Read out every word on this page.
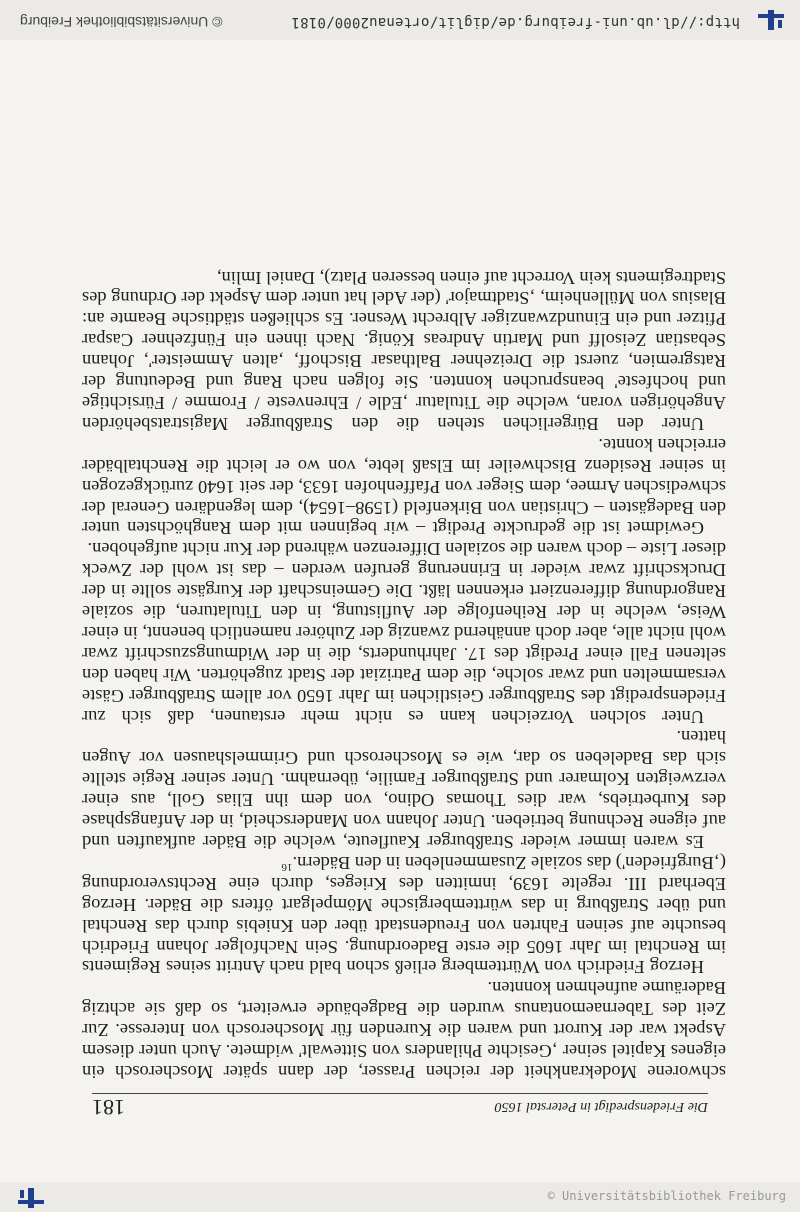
© Universitätsbibliothek Freiburg
Die Friedenspredigt in Peterstal 1650
181

schworene Modekrankheit der reichen Prasser, der dann später Moscherosch ein eigenes Kapitel seiner ‚Gesichte Philanders von Sittewalt' widmete. Auch unter diesem Aspekt war der Kurort und waren die Kurenden für Moscherosch von Interesse. Zur Zeit des Tabernaemontanus wurden die Badgebäude erweitert, so daß sie achtzig Baderäume aufnehmen konnten.

Herzog Friedrich von Württemberg erließ schon bald nach Antritt seines Regiments im Renchtal im Jahr 1605 die erste Badeordnung. Sein Nachfolger Johann Friedrich besuchte auf seinen Fahrten von Freudenstadt über den Kniebis durch das Renchtal und über Straßburg in das württembergische Mömpelgart öfters die Bäder. Herzog Eberhard III. regelte 1639, inmitten des Krieges, durch eine Rechtsverordnung (‚Burgfrieden') das soziale Zusammenleben in den Bädern.$^{16}$

Es waren immer wieder Straßburger Kaufleute, welche die Bäder aufkauften und auf eigene Rechnung betrieben. Unter Johann von Manderscheid, in der Anfangsphase des Kurbetriebs, war dies Thomas Odino, von dem ihn Elias Goll, aus einer verzweigten Kolmarer und Straßburger Familie, übernahm. Unter seiner Regie stellte sich das Badeleben so dar, wie es Moscherosch und Grimmelshausen vor Augen hatten.

Unter solchen Vorzeichen kann es nicht mehr erstaunen, daß sich zur Friedenspredigt des Straßburger Geistlichen im Jahr 1650 vor allem Straßburger Gäste versammelten und zwar solche, die dem Patriziat der Stadt zugehörten. Wir haben den seltenen Fall einer Predigt des 17. Jahrhunderts, die in der Widmungszuschrift zwar wohl nicht alle, aber doch annähernd zwanzig der Zuhörer namentlich benennt, in einer Weise, welche in der Reihenfolge der Auflistung, in den Titulaturen, die soziale Rangordnung differenziert erkennen läßt. Die Gemeinschaft der Kurgäste sollte in der Druckschrift zwar wieder in Erinnerung gerufen werden – das ist wohl der Zweck dieser Liste – doch waren die sozialen Differenzen während der Kur nicht aufgehoben.

Gewidmet ist die gedruckte Predigt – wir beginnen mit dem Ranghöchsten unter den Badegästen – Christian von Birkenfeld (1598–1654), dem legendären General der schwedischen Armee, dem Sieger von Pfaffenhofen 1633, der seit 1640 zurückgezogen in seiner Residenz Bischweiler im Elsaß lebte, von wo er leicht die Renchtalbäder erreichen konnte.

Unter den Bürgerlichen stehen die den Straßburger Magistratsbehörden Angehörigen voran, welche die Titulatur ‚Edle / Ehrenveste / Fromme / Fürsichtige und hochfeste' beanspruchen konnten. Sie folgen nach Rang und Bedeutung der Ratsgremien, zuerst die Dreizehner Balthasar Bischoff, ‚alten Ammeister', Johann Sebastian Zeisolff und Martin Andreas König. Nach ihnen ein Fünfzehner Caspar Pfitzer und ein Einundzwanziger Albrecht Wesner. Es schließen städtische Beamte an: Blasius von Müllenheim, ‚Stadtmajor' (der Adel hat unter dem Aspekt der Ordnung des Stadtregiments kein Vorrecht auf einen besseren Platz), Daniel Imlin,

http://dl.ub.uni-freiburg.de/diglit/ortenau2000/0181
© Universitätsbibliothek Freiburg
